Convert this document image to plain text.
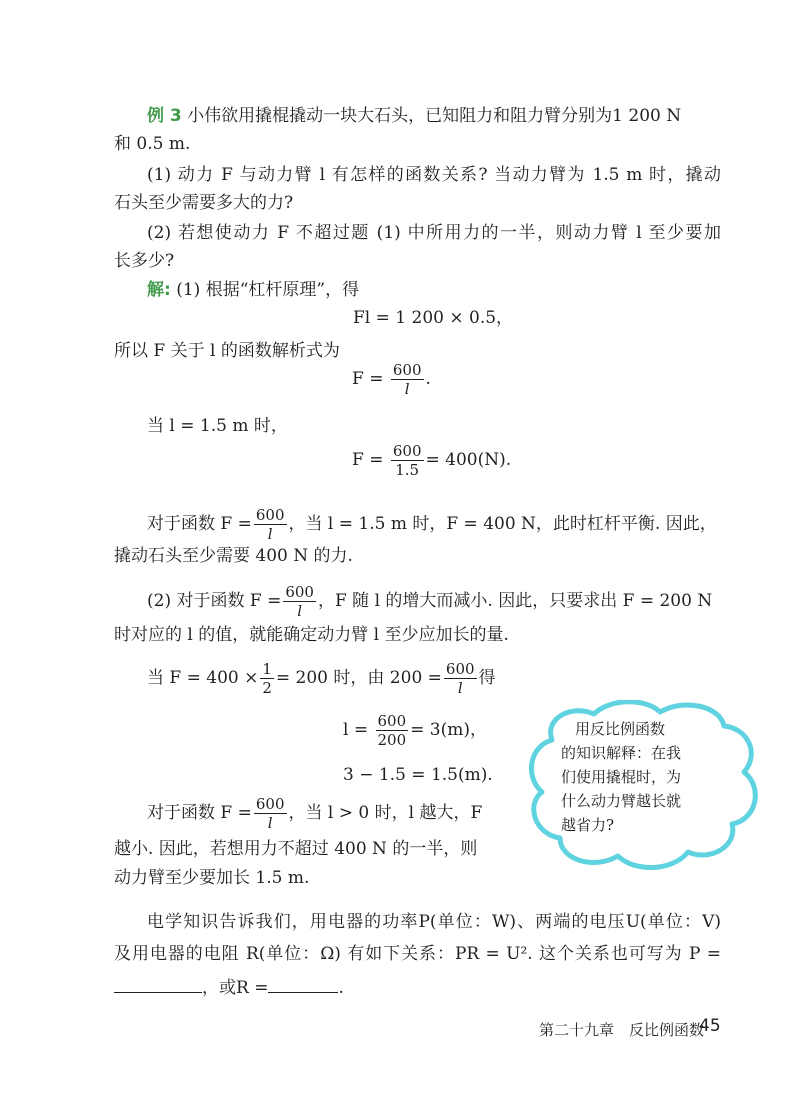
例 3 小伟欲用撬棍撬动一块大石头，已知阻力和阻力臂分别为1 200 N
和 0.5 m.
(1) 动力 F 与动力臂 l 有怎样的函数关系? 当动力臂为 1.5 m 时，撬动
石头至少需要多大的力?
(2) 若想使动力 F 不超过题 (1) 中所用力的一半，则动力臂 l 至少要加
长多少?
解: (1) 根据“杠杆原理”，得
Fl = 1 200 × 0.5，
所以 F 关于 l 的函数解析式为
$F = \frac{600}{l}$ .
当 l = 1.5 m 时，
$F = \frac{600}{1.5} = 400(N)$.
对于函数 $F = \frac{600}{l}$ ，当 l = 1.5 m 时，F = 400 N，此时杠杆平衡. 因此，
撬动石头至少需要 400 N 的力.
(2) 对于函数 $F = \frac{600}{l}$ ，F 随 l 的增大而减小. 因此，只要求出 F = 200 N
时对应的 l 的值，就能确定动力臂 l 至少应加长的量.
当 $F = 400 \times \frac{1}{2} = 200$ 时，由 $200 = \frac{600}{l}$ 得
$l = \frac{600}{200} = 3(m)$，
3 − 1.5 = 1.5(m).
对于函数 $F = \frac{600}{l}$ ，当 l > 0 时，l 越大，F
越小. 因此，若想用力不超过 400 N 的一半，则
动力臂至少要加长 1.5 m.
用反比例函数
的知识解释：在我
们使用撬棍时，为
什么动力臂越长就
越省力?
电学知识告诉我们，用电器的功率P(单位：W)、两端的电压U(单位：V)
及用电器的电阻 R(单位：Ω) 有如下关系：PR = U². 这个关系也可写为 P =
，或R =	.
第二十九章　反比例函数
45
